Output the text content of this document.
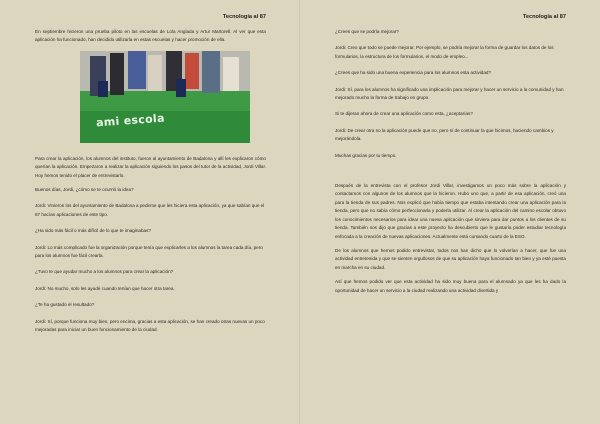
Tecnología al 87

En septiembre hicieron una prueba piloto en las escuelas de Lola Anglada y Artur Martorell. Al ver que esta aplicación ha funcionado, han decidido utilizarla en estas escuelas y hacer promoción de ella.

ami escola

Para crear la aplicación, los alumnos del instituto, fueron al ayuntamiento de Badalona y allí les explicaron cómo querían la aplicación. Empezaron a realizar la aplicación siguiendo los pasos del tutor de la actividad, Jordi Villar. Hoy hemos tenido el placer de entrevistarlo.

Buenos días, Jordi, ¿cómo se te ocurrió la idea?

Jordi: Vinieron los del ayuntamiento de Badalona a pedirme que les hiciera esta aplicación, ya que sabían que el 87 hacían aplicaciones de este tipo.

¿Ha sido más fácil o más difícil de lo que te imaginabas?

Jordi: Lo más complicado fue la organización porque tenía que explicarles a los alumnos la tarea cada día, pero para los alumnos fue fácil crearla.

¿Tuvo te que ayudar mucho a los alumnos para crear la aplicación?

Jordi: No mucho, solo les ayudé cuando tenían que hacer otra tarea.

¿Te ha gustado el resultado?

Jordi: Sí, porque funciona muy bien, pero encima, gracias a esta aplicación, se han creado otras nuevas un poco mejoradas para iniciar un buen funcionamiento de la ciudad.

Tecnología al 87

¿Crees que se podría mejorar?

Jordi: Creo que todo se puede mejorar. Por ejemplo, se podría mejorar la forma de guardar los datos de los formularios, la estructura de los formularios, el modo de empleo...

¿Crees que ha sido una buena experiencia para los alumnos esta actividad?

Jordi: Sí, para los alumnos ha significado una implicación para mejorar y hacer un servicio a la comunidad y han mejorado mucho la forma de trabajo en grupo.

Si te dijeran ahora de crear una aplicación como esta, ¿aceptarías?

Jordi: De crear otra no la aplicación puede que no, pero sí de continuar la que hicimos, haciendo cambios y mejorándola.

Muchas gracias por tu tiempo.

Después de la entrevista con el profesor Jordi Villar, investigamos un poco más sobre la aplicación y contactamos con algunos de los alumnos que la hicieron. Hubo uno que, a partir de esa aplicación, creó una para la tienda de sus padres. Nos explicó que había tiempo que estaba intentando crear una aplicación para la tienda, pero que no sabía cómo perfeccionarla y poderla utilizar. Al crear la aplicación del camino escolar obtuvo los conocimientos necesarios para idear una nueva aplicación que sirviera para dar puntos a los clientes de su tienda. También nos dijo que gracias a este proyecto ha descubierto que le gustaría poder estudiar tecnología enfocada a la creación de nuevas aplicaciones. Actualmente está cursando cuarto de la ESO.

De los alumnos que hemos podido entrevistar, todos nos han dicho que lo volverían a hacer, que fue una actividad entretenida y que se sienten orgullosos de que su aplicación haya funcionado tan bien y ya esté puesta en marcha en su ciudad.

Así que hemos podido ver que esta actividad ha sido muy buena para el alumnado ya que les ha dado la oportunidad de hacer un servicio a la ciudad realizando una actividad divertida y
